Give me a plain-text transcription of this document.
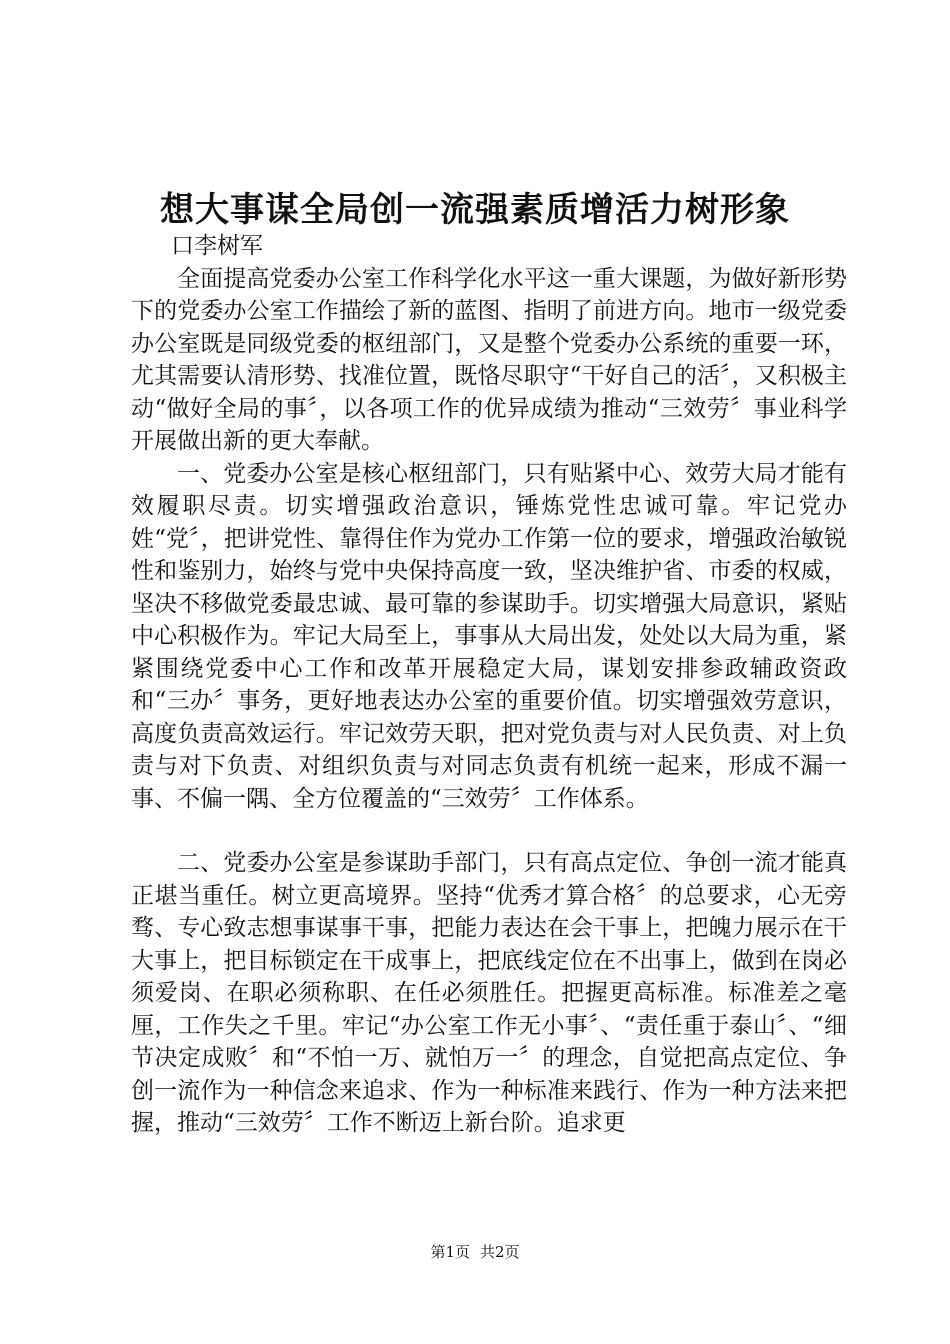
想大事谋全局创一流强素质增活力树形象

口李树军

全面提高党委办公室工作科学化水平这一重大课题，为做好新形势下的党委办公室工作描绘了新的蓝图、指明了前进方向。地市一级党委办公室既是同级党委的枢纽部门，又是整个党委办公系统的重要一环，尤其需要认清形势、找准位置，既恪尽职守“干好自己的活〞，又积极主动“做好全局的事〞，以各项工作的优异成绩为推动“三效劳〞事业科学开展做出新的更大奉献。

一、党委办公室是核心枢纽部门，只有贴紧中心、效劳大局才能有效履职尽责。切实增强政治意识，锤炼党性忠诚可靠。牢记党办姓“党〞，把讲党性、靠得住作为党办工作第一位的要求，增强政治敏锐性和鉴别力，始终与党中央保持高度一致，坚决维护省、市委的权威，坚决不移做党委最忠诚、最可靠的参谋助手。切实增强大局意识，紧贴中心积极作为。牢记大局至上，事事从大局出发，处处以大局为重，紧紧围绕党委中心工作和改革开展稳定大局，谋划安排参政辅政资政和“三办〞事务，更好地表达办公室的重要价值。切实增强效劳意识，高度负责高效运行。牢记效劳天职，把对党负责与对人民负责、对上负责与对下负责、对组织负责与对同志负责有机统一起来，形成不漏一事、不偏一隅、全方位覆盖的“三效劳〞工作体系。

二、党委办公室是参谋助手部门，只有高点定位、争创一流才能真正堪当重任。树立更高境界。坚持“优秀才算合格〞的总要求，心无旁骛、专心致志想事谋事干事，把能力表达在会干事上，把魄力展示在干大事上，把目标锁定在干成事上，把底线定位在不出事上，做到在岗必须爱岗、在职必须称职、在任必须胜任。把握更高标准。标准差之毫厘，工作失之千里。牢记“办公室工作无小事〞、“责任重于泰山〞、“细节决定成败〞和“不怕一万、就怕万一〞的理念，自觉把高点定位、争创一流作为一种信念来追求、作为一种标准来践行、作为一种方法来把握，推动“三效劳〞工作不断迈上新台阶。追求更

第1页 共2页
